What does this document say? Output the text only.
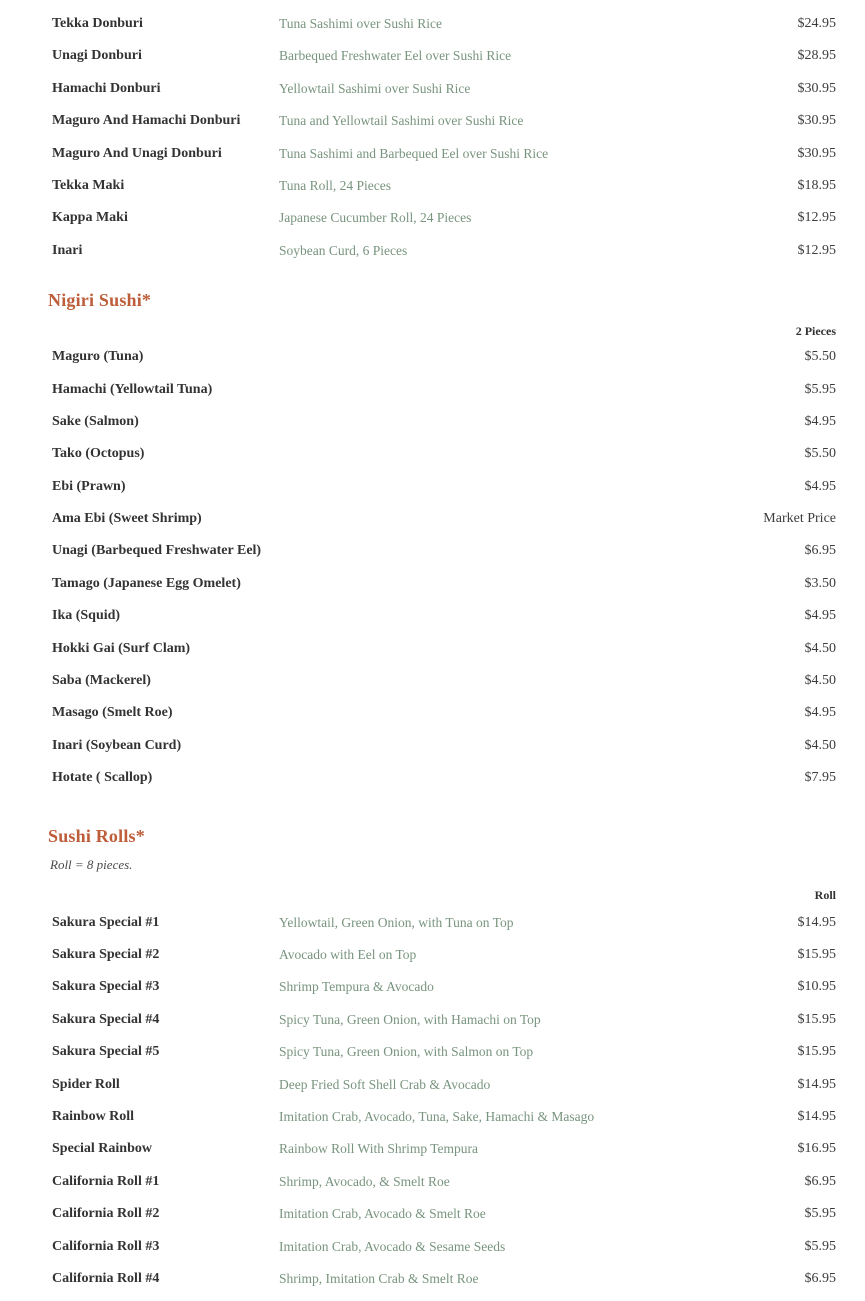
Tekka Donburi	Tuna Sashimi over Sushi Rice	$24.95
Unagi Donburi	Barbequed Freshwater Eel over Sushi Rice	$28.95
Hamachi Donburi	Yellowtail Sashimi over Sushi Rice	$30.95
Maguro And Hamachi Donburi	Tuna and Yellowtail Sashimi over Sushi Rice	$30.95
Maguro And Unagi Donburi	Tuna Sashimi and Barbequed Eel over Sushi Rice	$30.95
Tekka Maki	Tuna Roll, 24 Pieces	$18.95
Kappa Maki	Japanese Cucumber Roll, 24 Pieces	$12.95
Inari	Soybean Curd, 6 Pieces	$12.95
Nigiri Sushi*
2 Pieces
Maguro (Tuna)	$5.50
Hamachi (Yellowtail Tuna)	$5.95
Sake (Salmon)	$4.95
Tako (Octopus)	$5.50
Ebi (Prawn)	$4.95
Ama Ebi (Sweet Shrimp)	Market Price
Unagi (Barbequed Freshwater Eel)	$6.95
Tamago (Japanese Egg Omelet)	$3.50
Ika (Squid)	$4.95
Hokki Gai (Surf Clam)	$4.50
Saba (Mackerel)	$4.50
Masago (Smelt Roe)	$4.95
Inari (Soybean Curd)	$4.50
Hotate ( Scallop)	$7.95
Sushi Rolls*
Roll = 8 pieces.
Roll
Sakura Special #1	Yellowtail, Green Onion, with Tuna on Top	$14.95
Sakura Special #2	Avocado with Eel on Top	$15.95
Sakura Special #3	Shrimp Tempura & Avocado	$10.95
Sakura Special #4	Spicy Tuna, Green Onion, with Hamachi on Top	$15.95
Sakura Special #5	Spicy Tuna, Green Onion, with Salmon on Top	$15.95
Spider Roll	Deep Fried Soft Shell Crab & Avocado	$14.95
Rainbow Roll	Imitation Crab, Avocado, Tuna, Sake, Hamachi & Masago	$14.95
Special Rainbow	Rainbow Roll With Shrimp Tempura	$16.95
California Roll #1	Shrimp, Avocado, & Smelt Roe	$6.95
California Roll #2	Imitation Crab, Avocado & Smelt Roe	$5.95
California Roll #3	Imitation Crab, Avocado & Sesame Seeds	$5.95
California Roll #4	Shrimp, Imitation Crab & Smelt Roe	$6.95
